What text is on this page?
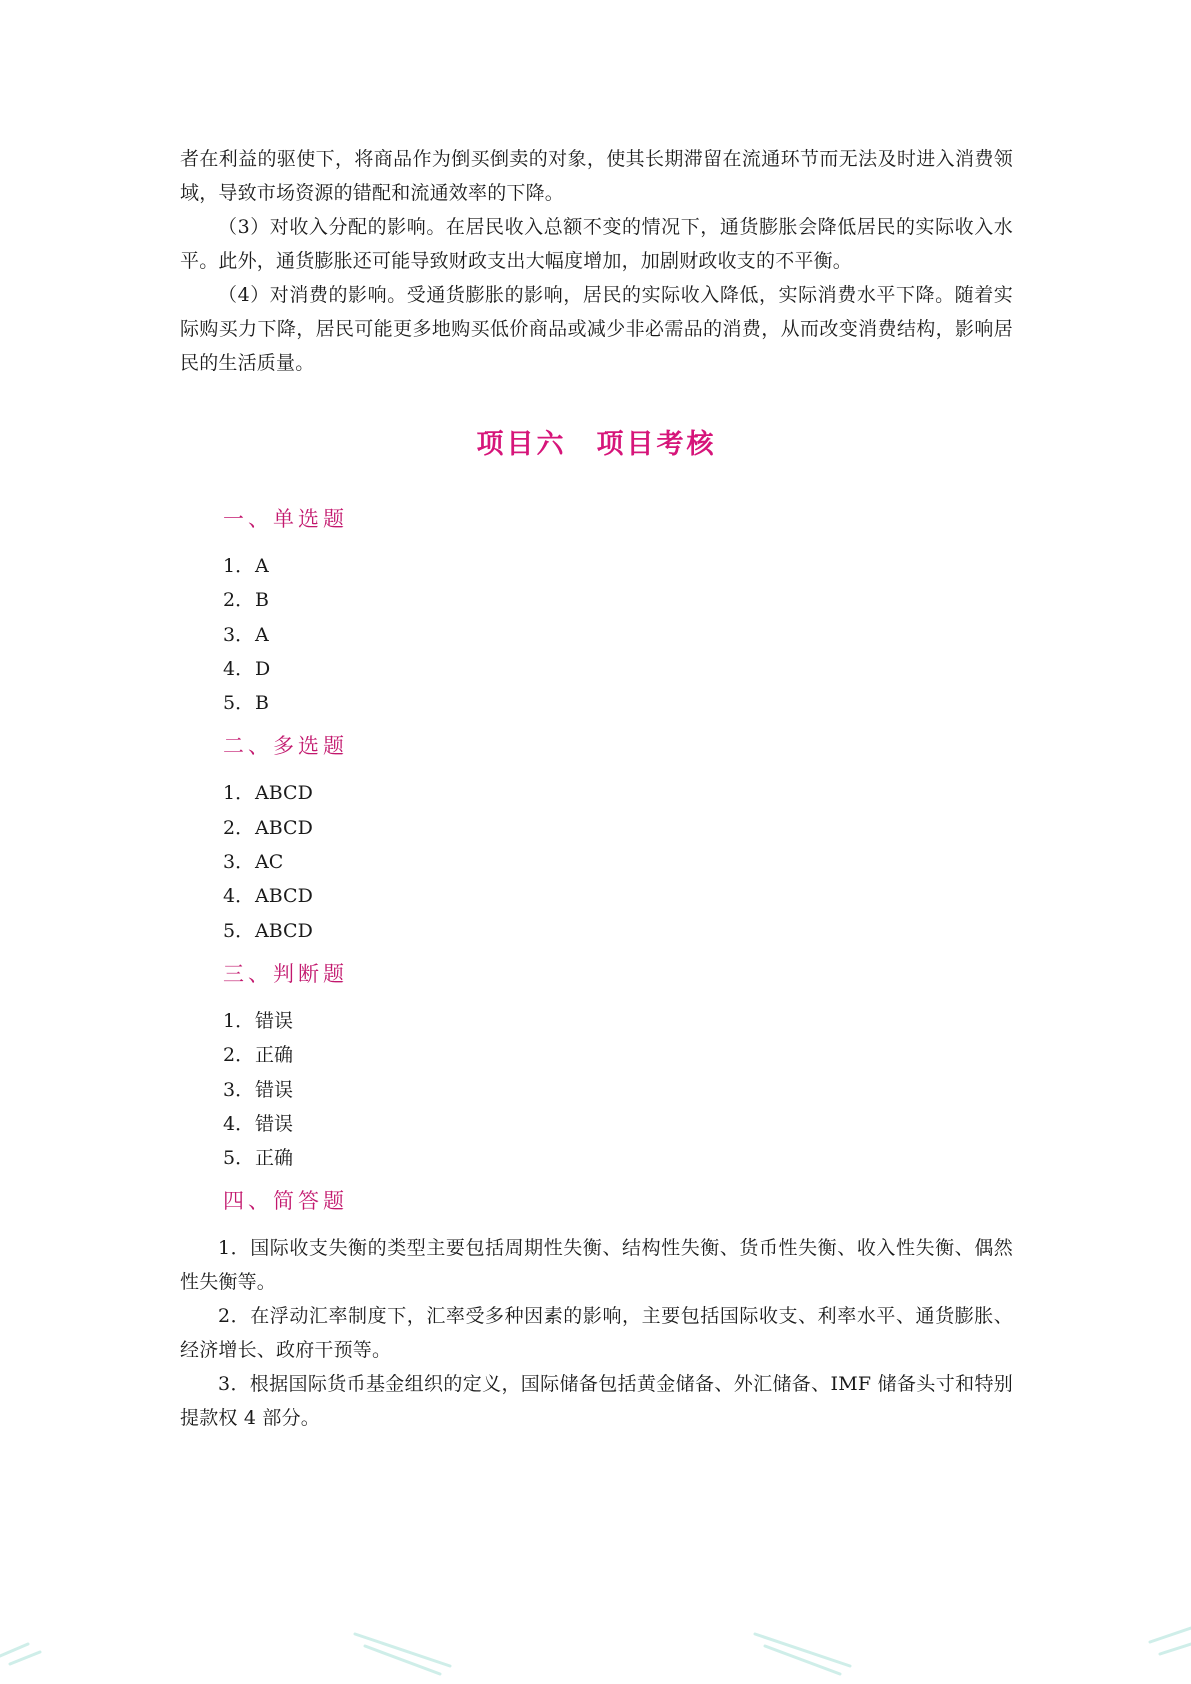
者在利益的驱使下，将商品作为倒买倒卖的对象，使其长期滞留在流通环节而无法及时进入消费领域，导致市场资源的错配和流通效率的下降。

（3）对收入分配的影响。在居民收入总额不变的情况下，通货膨胀会降低居民的实际收入水平。此外，通货膨胀还可能导致财政支出大幅度增加，加剧财政收支的不平衡。

（4）对消费的影响。受通货膨胀的影响，居民的实际收入降低，实际消费水平下降。随着实际购买力下降，居民可能更多地购买低价商品或减少非必需品的消费，从而改变消费结构，影响居民的生活质量。

项目六　项目考核
一、单选题
1．A
2．B
3．A
4．D
5．B
二、多选题
1．ABCD
2．ABCD
3．AC
4．ABCD
5．ABCD
三、判断题
1．错误
2．正确
3．错误
4．错误
5．正确
四、简答题

1．国际收支失衡的类型主要包括周期性失衡、结构性失衡、货币性失衡、收入性失衡、偶然性失衡等。

2．在浮动汇率制度下，汇率受多种因素的影响，主要包括国际收支、利率水平、通货膨胀、经济增长、政府干预等。

3．根据国际货币基金组织的定义，国际储备包括黄金储备、外汇储备、IMF 储备头寸和特别提款权 4 部分。
